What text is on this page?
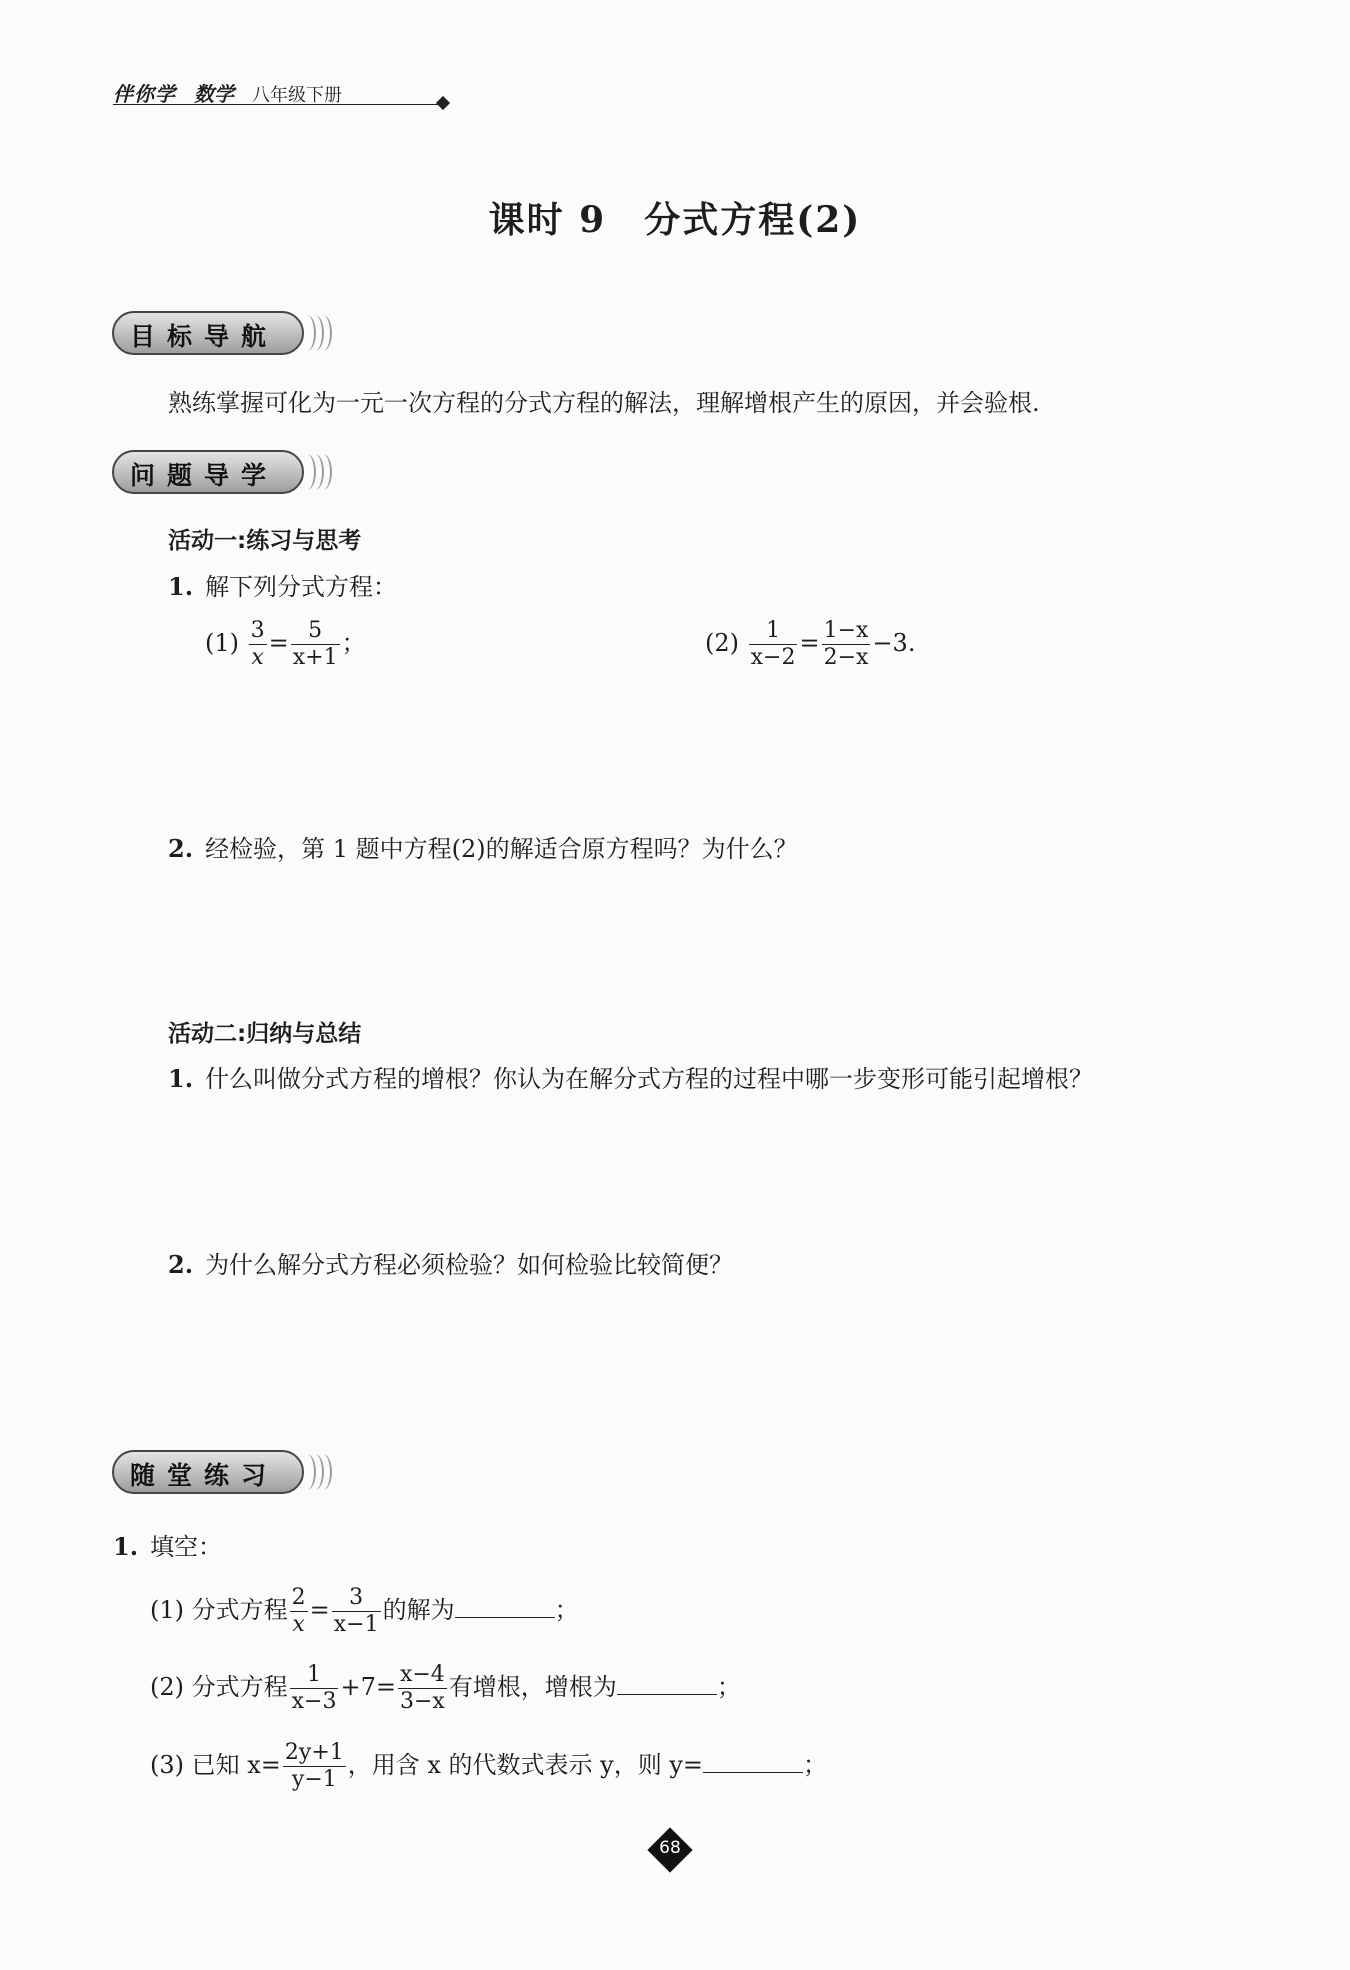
伴你学 数学 八年级下册
课时 9　分式方程(2)
目标导航
熟练掌握可化为一元一次方程的分式方程的解法，理解增根产生的原因，并会验根.
问题导学
活动一:练习与思考
1. 解下列分式方程：
$(1) \frac{3}{x} = \frac{5}{x+1}$ ；	$(2) \frac{1}{x-2} = \frac{1-x}{2-x} -3$.
2. 经检验，第 1 题中方程(2)的解适合原方程吗？为什么？
活动二:归纳与总结
1. 什么叫做分式方程的增根？你认为在解分式方程的过程中哪一步变形可能引起增根？
2. 为什么解分式方程必须检验？如何检验比较简便？
随堂练习
1. 填空：
(1) 分式方程 $\frac{2}{x} = \frac{3}{x-1}$ 的解为	；
(2) 分式方程 $\frac{1}{x-3} +7= \frac{x-4}{3-x}$ 有增根，增根为	；
(3) 已知 $x= \frac{2y+1}{y-1}$ ，用含 x 的代数式表示 y，则 y=	；
68
